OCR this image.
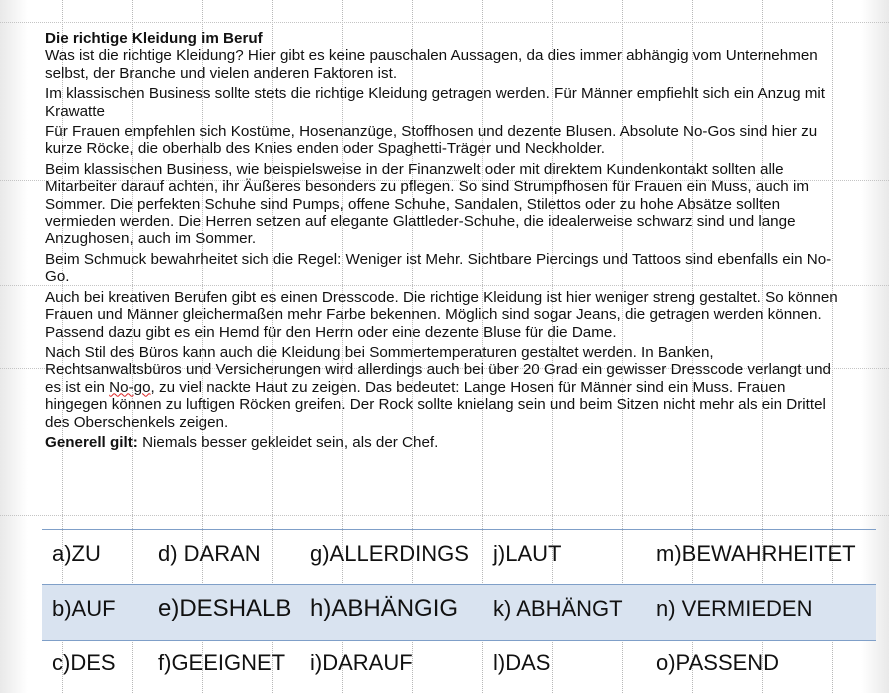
Die richtige Kleidung im Beruf

Was ist die richtige Kleidung? Hier gibt es keine pauschalen Aussagen, da dies immer abhängig vom Unternehmen selbst, der Branche und vielen anderen Faktoren ist.

Im klassischen Business sollte stets die richtige Kleidung getragen werden. Für Männer empfiehlt sich ein Anzug mit Krawatte

Für Frauen empfehlen sich Kostüme, Hosenanzüge, Stoffhosen und dezente Blusen. Absolute No-Gos sind hier zu kurze Röcke, die oberhalb des Knies enden oder Spaghetti-Träger und Neckholder.

Beim klassischen Business, wie beispielsweise in der Finanzwelt oder mit direktem Kundenkontakt sollten alle Mitarbeiter darauf achten, ihr Äußeres besonders zu pflegen. So sind Strumpfhosen für Frauen ein Muss, auch im Sommer. Die perfekten Schuhe sind Pumps, offene Schuhe, Sandalen, Stilettos oder zu hohe Absätze sollten vermieden werden. Die Herren setzen auf elegante Glattleder-Schuhe, die idealerweise schwarz sind und lange Anzughosen, auch im Sommer.

Beim Schmuck bewahrheitet sich die Regel: Weniger ist Mehr. Sichtbare Piercings und Tattoos sind ebenfalls ein No-Go.

Auch bei kreativen Berufen gibt es einen Dresscode. Die richtige Kleidung ist hier weniger streng gestaltet. So können Frauen und Männer gleichermaßen mehr Farbe bekennen. Möglich sind sogar Jeans, die getragen werden können. Passend dazu gibt es ein Hemd für den Herrn oder eine dezente Bluse für die Dame.

Nach Stil des Büros kann auch die Kleidung bei Sommertemperaturen gestaltet werden. In Banken, Rechtsanwaltsbüros und Versicherungen wird allerdings auch bei über 20 Grad ein gewisser Dresscode verlangt und es ist ein No-go, zu viel nackte Haut zu zeigen. Das bedeutet: Lange Hosen für Männer sind ein Muss. Frauen hingegen können zu luftigen Röcken greifen. Der Rock sollte knielang sein und beim Sitzen nicht mehr als ein Drittel des Oberschenkels zeigen.

Generell gilt: Niemals besser gekleidet sein, als der Chef.

a)ZU	d) DARAN g)ALLERDINGS j)LAUT	m)BEWAHRHEITET
b)AUF e)DESHALB h)ABHÄNGIG k) ABHÄNGT n) VERMIEDEN
c)DES f)GEEIGNET i)DARAUF	l)DAS	o)PASSEND
